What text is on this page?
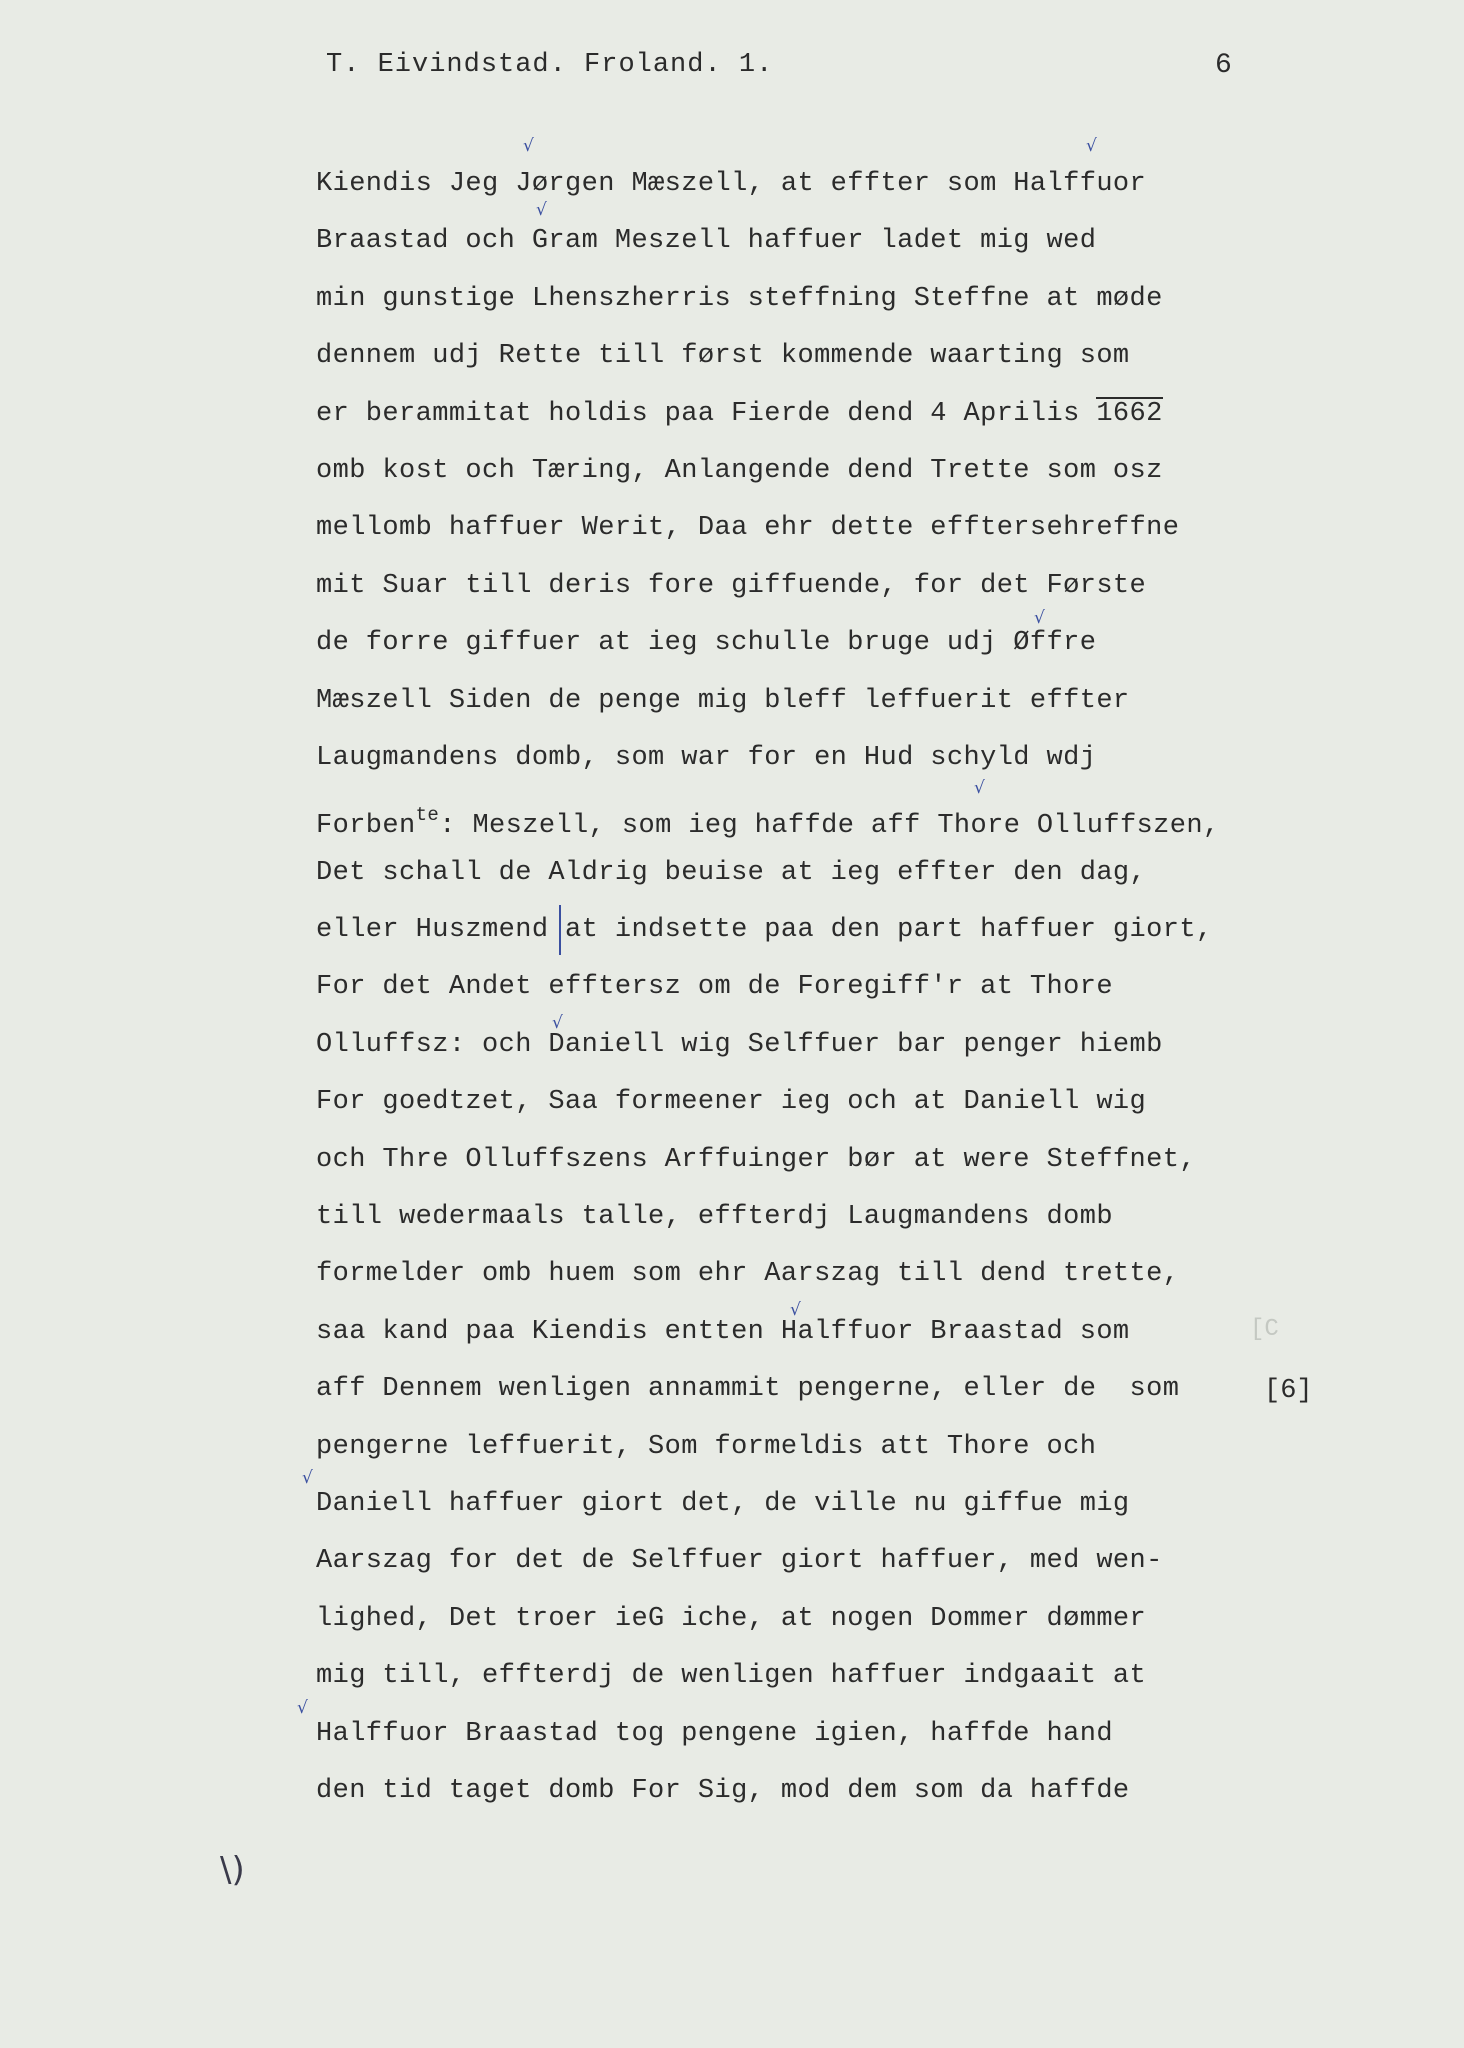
T. Eivindstad. Froland. 1.	6
√	√
√
√
√
√
√
√
√
Kiendis Jeg Jørgen Mæszell, at effter som Halffuor
Braastad och Gram Meszell haffuer ladet mig wed
min gunstige Lhenszherris steffning Steffne at møde
dennem udj Rette till først kommende waarting som
er berammitat holdis paa Fierde dend 4 Aprilis 1662
omb kost och Tæring, Anlangende dend Trette som osz
mellomb haffuer Werit, Daa ehr dette efftersehreffne
mit Suar till deris fore giffuende, for det Første
de forre giffuer at ieg schulle bruge udj Øffre
Mæszell Siden de penge mig bleff leffuerit effter
Laugmandens domb, som war for en Hud schyld wdj
Forben$^{te}$: Meszell, som ieg haffde aff Thore Olluffszen,
Det schall de Aldrig beuise at ieg effter den dag,
eller Huszmend at indsette paa den part haffuer giort,
For det Andet efftersz om de Foregiff'r at Thore
Olluffsz: och Daniell wig Selffuer bar penger hiemb
For goedtzet, Saa formeener ieg och at Daniell wig
och Thre Olluffszens Arffuinger bør at were Steffnet,
till wedermaals talle, effterdj Laugmandens domb
formelder omb huem som ehr Aarszag till dend trette,
saa kand paa Kiendis entten Halffuor Braastad som
aff Dennem wenligen annammit pengerne, eller de  som
pengerne leffuerit, Som formeldis att Thore och
Daniell haffuer giort det, de ville nu giffue mig
Aarszag for det de Selffuer giort haffuer, med wen-
lighed, Det troer ieG iche, at nogen Dommer dømmer
mig till, effterdj de wenligen haffuer indgaait at
Halffuor Braastad tog pengene igien, haffde hand
den tid taget domb For Sig, mod dem som da haffde
[C
[6]
\)
